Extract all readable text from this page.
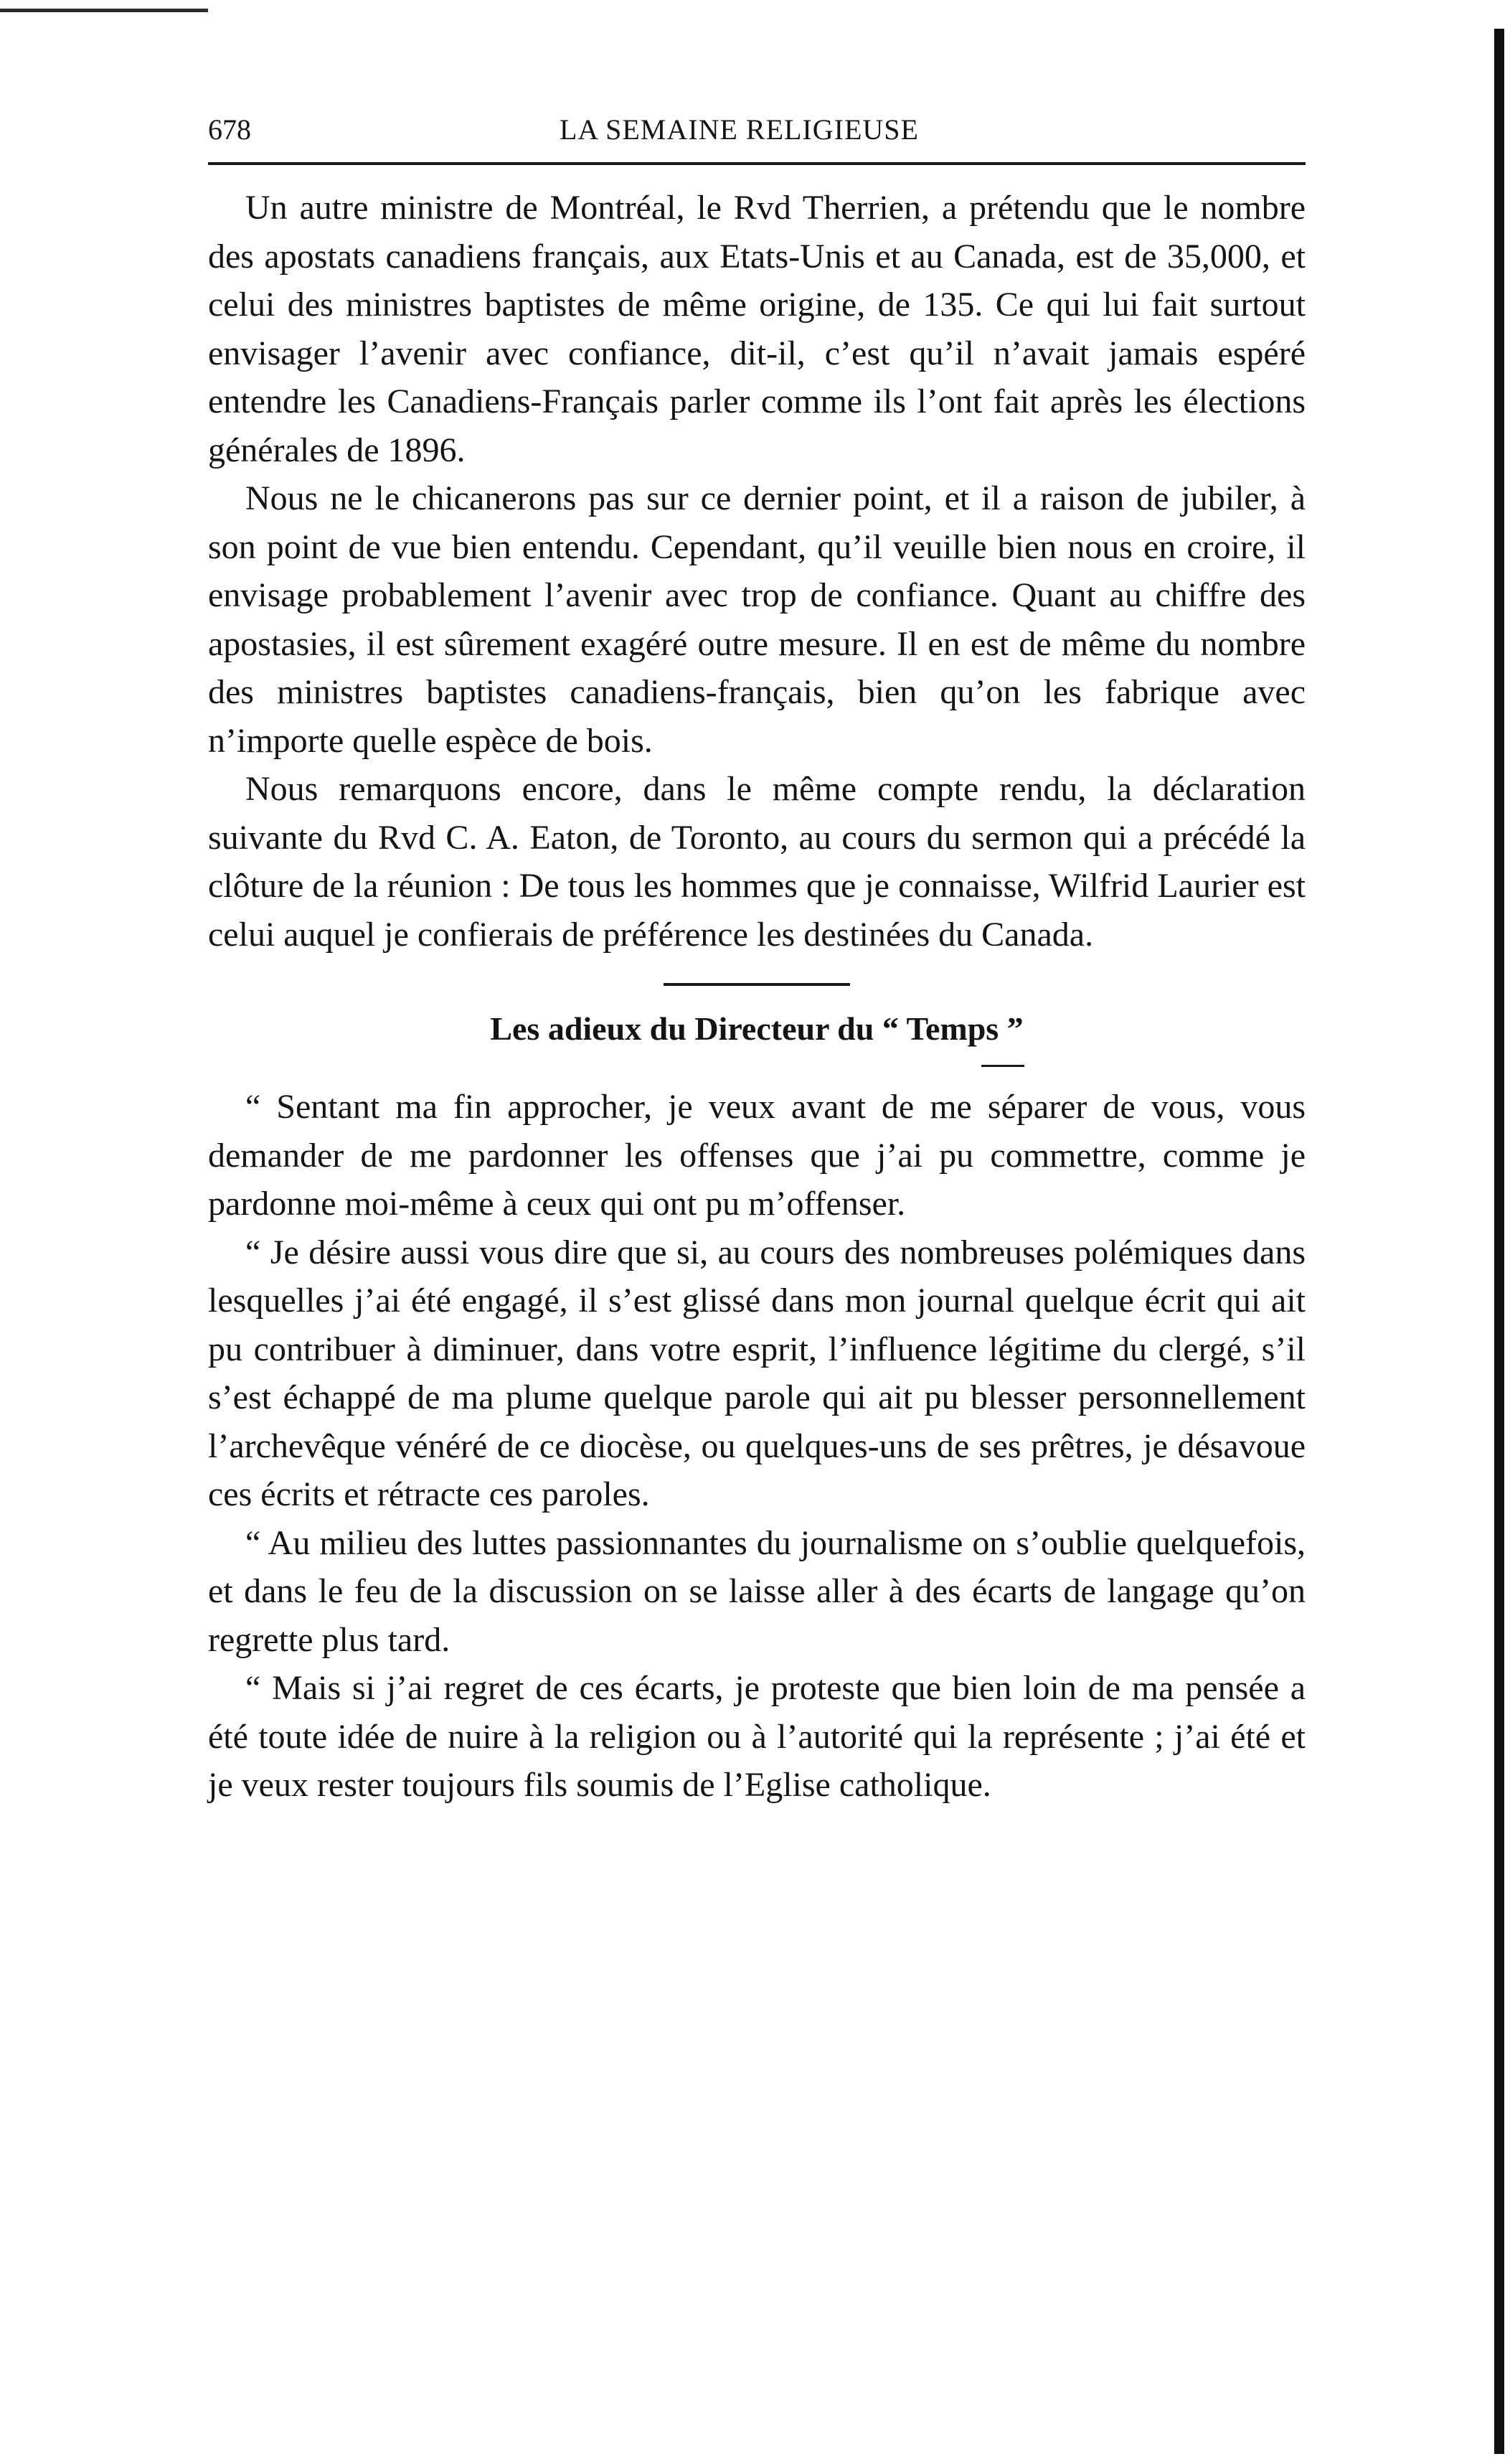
678	LA SEMAINE RELIGIEUSE

Un autre ministre de Montréal, le Rvd Therrien, a prétendu que le nombre des apostats canadiens français, aux Etats-Unis et au Canada, est de 35,000, et celui des ministres baptistes de même origine, de 135. Ce qui lui fait surtout envisager l’avenir avec confiance, dit-il, c’est qu’il n’avait jamais espéré entendre les Canadiens-Français parler comme ils l’ont fait après les élections générales de 1896.

Nous ne le chicanerons pas sur ce dernier point, et il a raison de jubiler, à son point de vue bien entendu. Cependant, qu’il veuille bien nous en croire, il envisage probablement l’avenir avec trop de confiance. Quant au chiffre des apostasies, il est sûrement exagéré outre mesure. Il en est de même du nombre des ministres baptistes canadiens-français, bien qu’on les fabrique avec n’importe quelle espèce de bois.

Nous remarquons encore, dans le même compte rendu, la déclaration suivante du Rvd C. A. Eaton, de Toronto, au cours du sermon qui a précédé la clôture de la réunion : De tous les hommes que je connaisse, Wilfrid Laurier est celui auquel je confierais de préférence les destinées du Canada.

Les adieux du Directeur du “ Temps ”

“ Sentant ma fin approcher, je veux avant de me séparer de vous, vous demander de me pardonner les offenses que j’ai pu commettre, comme je pardonne moi-même à ceux qui ont pu m’offenser.

“ Je désire aussi vous dire que si, au cours des nombreuses polémiques dans lesquelles j’ai été engagé, il s’est glissé dans mon journal quelque écrit qui ait pu contribuer à diminuer, dans votre esprit, l’influence légitime du clergé, s’il s’est échappé de ma plume quelque parole qui ait pu blesser personnellement l’archevêque vénéré de ce diocèse, ou quelques-uns de ses prêtres, je désavoue ces écrits et rétracte ces paroles.

“ Au milieu des luttes passionnantes du journalisme on s’oublie quelquefois, et dans le feu de la discussion on se laisse aller à des écarts de langage qu’on regrette plus tard.

“ Mais si j’ai regret de ces écarts, je proteste que bien loin de ma pensée a été toute idée de nuire à la religion ou à l’autorité qui la représente ; j’ai été et je veux rester toujours fils soumis de l’Eglise catholique.
